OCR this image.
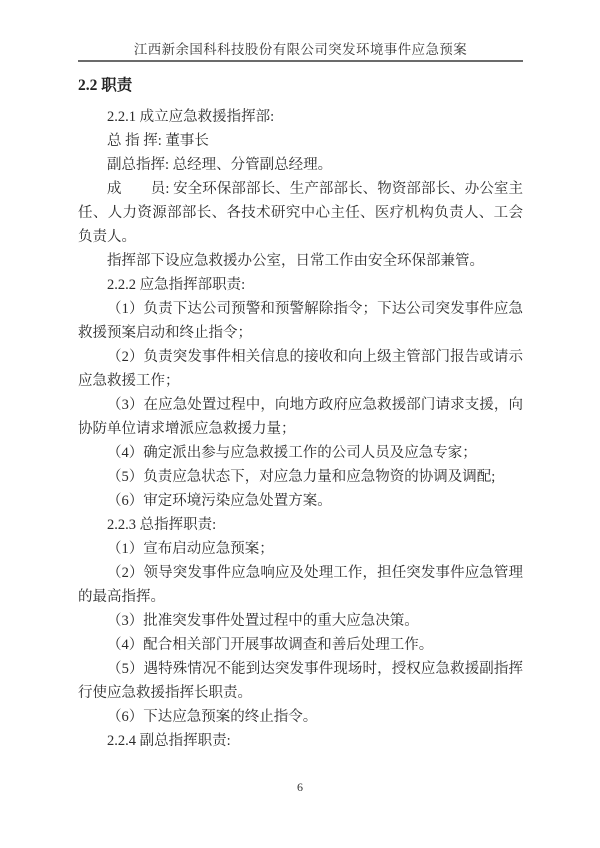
江西新余国科科技股份有限公司突发环境事件应急预案
2.2 职责

2.2.1 成立应急救援指挥部:

总 指 挥: 董事长

副总指挥: 总经理、分管副总经理。

成　　员: 安全环保部部长、生产部部长、物资部部长、办公室主任、人力资源部部长、各技术研究中心主任、医疗机构负责人、工会负责人。

指挥部下设应急救援办公室，日常工作由安全环保部兼管。

2.2.2 应急指挥部职责:

（1）负责下达公司预警和预警解除指令；下达公司突发事件应急救援预案启动和终止指令；

（2）负责突发事件相关信息的接收和向上级主管部门报告或请示应急救援工作；

（3）在应急处置过程中，向地方政府应急救援部门请求支援，向协防单位请求增派应急救援力量；

（4）确定派出参与应急救援工作的公司人员及应急专家；

（5）负责应急状态下，对应急力量和应急物资的协调及调配;

（6）审定环境污染应急处置方案。

2.2.3 总指挥职责:

（1）宣布启动应急预案；

（2）领导突发事件应急响应及处理工作，担任突发事件应急管理的最高指挥。

（3）批准突发事件处置过程中的重大应急决策。

（4）配合相关部门开展事故调查和善后处理工作。

（5）遇特殊情况不能到达突发事件现场时，授权应急救援副指挥行使应急救援指挥长职责。

（6）下达应急预案的终止指令。

2.2.4 副总指挥职责:

6
